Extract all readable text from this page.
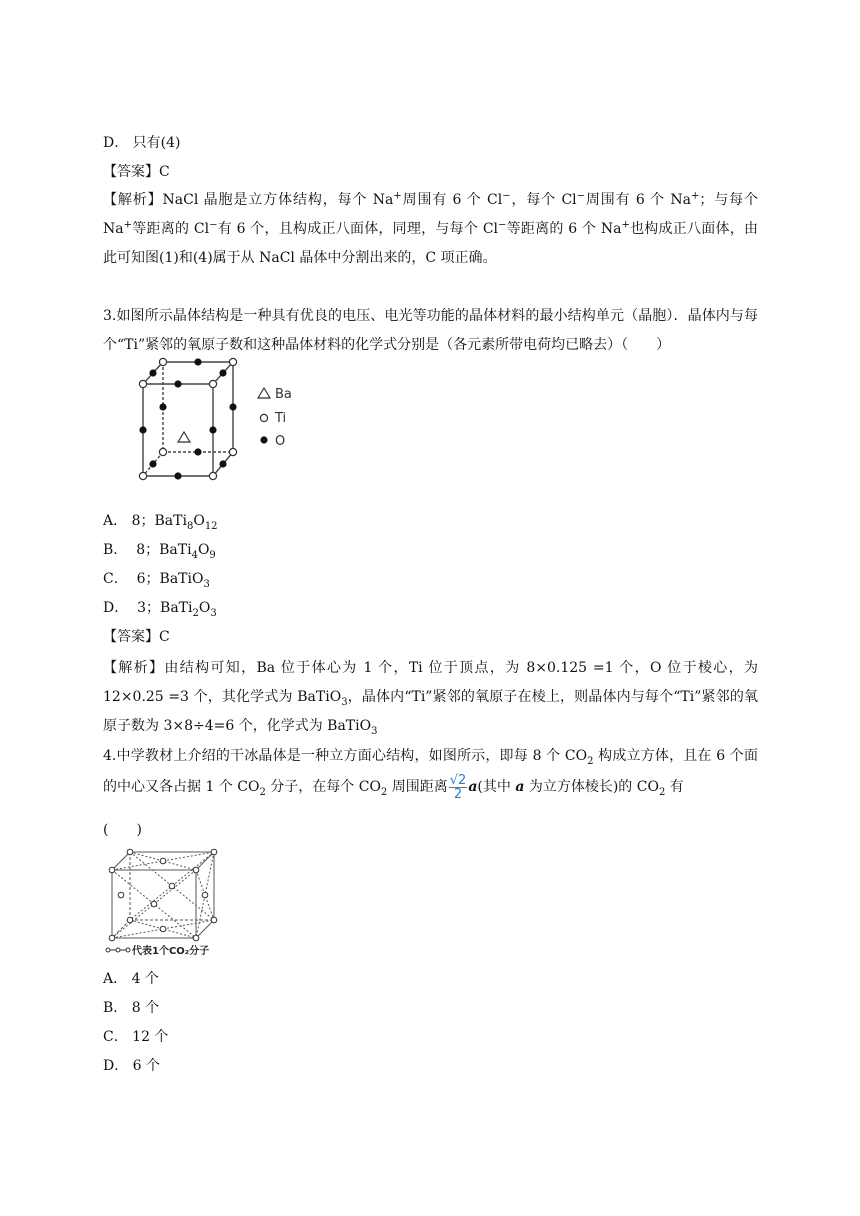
D． 只有(4)
【答案】C
【解析】NaCl 晶胞是立方体结构，每个 Na+周围有 6 个 Cl−，每个 Cl−周围有 6 个 Na+；与每个 Na+等距离的 Cl−有 6 个，且构成正八面体，同理，与每个 Cl−等距离的 6 个 Na+也构成正八面体，由此可知图(1)和(4)属于从 NaCl 晶体中分割出来的，C 项正确。
3.如图所示晶体结构是一种具有优良的电压、电光等功能的晶体材料的最小结构单元（晶胞）．晶体内与每个“Ti”紧邻的氧原子数和这种晶体材料的化学式分别是（各元素所带电荷均已略去）（　　）
Ba
Ti
O
A． 8；$BaTi_8O_{12}$
B．  8；$BaTi_4O_9$
C．  6；BaTiO$_3$
D．  3；$BaTi_2O_3$
【答案】C
【解析】由结构可知，Ba 位于体心为 1 个，Ti 位于顶点，为 8×0.125 =1 个，O 位于棱心，为 12×0.25 =3 个，其化学式为 BaTiO$_3$，晶体内“Ti”紧邻的氧原子在棱上，则晶体内与每个“Ti”紧邻的氧原子数为 3×8÷4=6 个，化学式为 BaTiO$_3$
4.中学教材上介绍的干冰晶体是一种立方面心结构，如图所示，即每 8 个 $CO_2$ 构成立方体，且在 6 个面的中心又各占据 1 个 $CO_2$ 分子，在每个 $CO_2$ 周围距离 $\frac{√2}{2} a$(其中 a 为立方体棱长)的 $CO_2$ 有
(　　)
代表1个CO₂分子
A． 4 个
B． 8 个
C． 12 个
D． 6 个
